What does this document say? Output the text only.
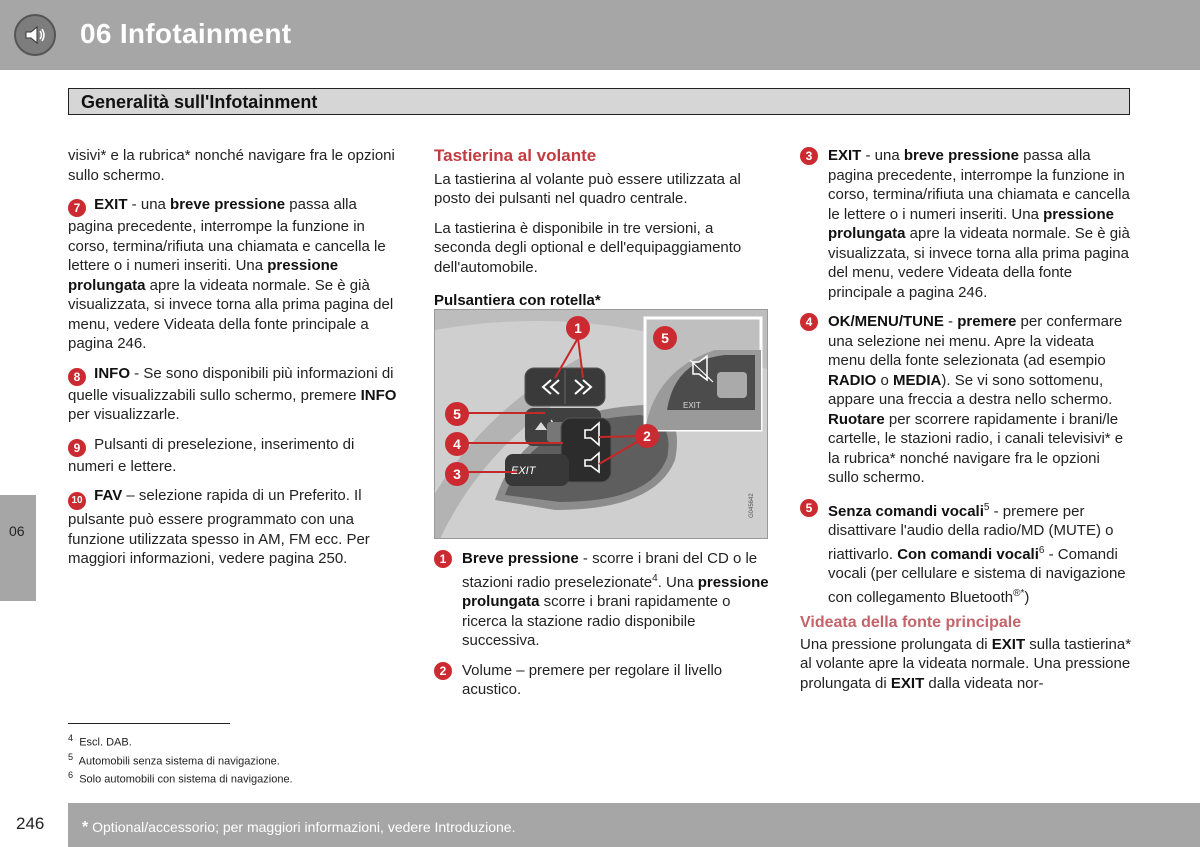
06 Infotainment
Generalità sull'Infotainment
06

visivi* e la rubrica* nonché navigare fra le opzioni sullo schermo.

7 EXIT - una breve pressione passa alla pagina precedente, interrompe la funzione in corso, termina/rifiuta una chiamata e cancella le lettere o i numeri inseriti. Una pressione prolungata apre la videata normale. Se è già visualizzata, si invece torna alla prima pagina del menu, vedere Videata della fonte principale a pagina 246.

8 INFO - Se sono disponibili più informazioni di quelle visualizzabili sullo schermo, premere INFO per visualizzarle.

9 Pulsanti di preselezione, inserimento di numeri e lettere.

10 FAV – selezione rapida di un Preferito. Il pulsante può essere programmato con una funzione utilizzata spesso in AM, FM ecc. Per maggiori informazioni, vedere pagina 250.

Tastierina al volante

La tastierina al volante può essere utilizzata al posto dei pulsanti nel quadro centrale.

La tastierina è disponibile in tre versioni, a seconda degli optional e dell'equipaggiamento dell'automobile.

Pulsantiera con rotella*
EXIT
EXIT
G045642
1
2
3
4
5
5

1	Breve pressione - scorre i brani del CD o le stazioni radio preselezionate$^4$. Una pressione prolungata scorre i brani rapidamente o ricerca la stazione radio disponibile successiva.

2	Volume – premere per regolare il livello acustico.

3	EXIT - una breve pressione passa alla pagina precedente, interrompe la funzione in corso, termina/rifiuta una chiamata e cancella le lettere o i numeri inseriti. Una pressione prolungata apre la videata normale. Se è già visualizzata, si invece torna alla prima pagina del menu, vedere Videata della fonte principale a pagina 246.

4	OK/MENU/TUNE - premere per confermare una selezione nei menu. Apre la videata menu della fonte selezionata (ad esempio RADIO o MEDIA). Se vi sono sottomenu, appare una freccia a destra nello schermo. Ruotare per scorrere rapidamente i brani/le cartelle, le stazioni radio, i canali televisivi* e la rubrica* nonché navigare fra le opzioni sullo schermo.

5	Senza comandi vocali$^5$ - premere per disattivare l'audio della radio/MD (MUTE) o riattivarlo. Con comandi vocali$^6$ - Comandi vocali (per cellulare e sistema di navigazione con collegamento Bluetooth®*)

Videata della fonte principale

Una pressione prolungata di EXIT sulla tastierina* al volante apre la videata normale. Una pressione prolungata di EXIT dalla videata nor-

$^4$ Escl. DAB.
$^5$ Automobili senza sistema di navigazione.
$^6$ Solo automobili con sistema di navigazione.
246 * Optional/accessorio; per maggiori informazioni, vedere Introduzione.
